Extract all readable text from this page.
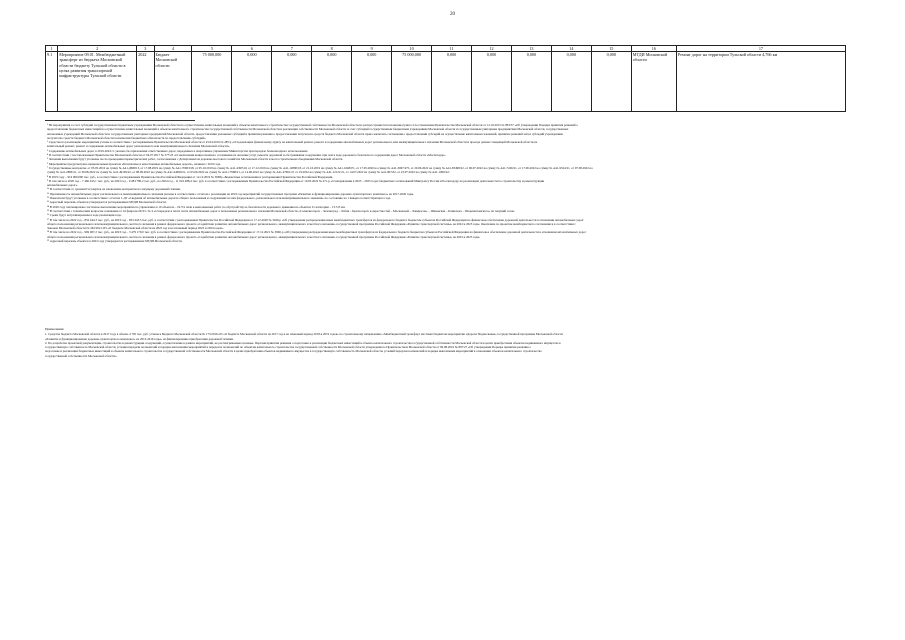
20
1	2	3	4	5	6	7	8	9	10	11	12	13	14	15	16	17
9.1	Мероприятие 09.01. Межбюджетный трансферт из бюджета Московской области бюджету Тульской области в целях развития транспортной инфраструктуры Тульской области	2022	Бюджет Московской области	75 000,000	0,000	0,000	0,000	0,000	75 000,000	0,000	0,000	0,000	0,000	0,000	МТДИ Московской области	Ремонт дорог на территории Тульской области 4,766 км

¹ На мероприятия за счет субсидий государственным бюджетным учреждениям Московской области на осуществление капитальных вложений в объекты капитального строительства государственной собственности Московской области на распространяется положение пункта 2 постановления Правительства Московской области от 12.10.2015 № 803/37 «Об утверждении Порядка принятия решений о

предоставлении бюджетных инвестиций на осуществление капитальных вложений в объекты капитального строительства государственной собственности Московской области и реализации собственности Московской области за счет субсидий государственным бюджетным учреждениям Московской области и государственным унитарным предприятиям Московской области, государственных

автономных учреждений Московской области и государственных унитарных предприятий Московской области, предоставлении указанных субсидий и принятии решения о предоставлении получателю средств бюджета Московской области права заключать соглашения о предоставлении субсидий на осуществление капитальных вложений, принятие решений чисел субсидий учреждениям

получателю средств бюджета Московской области полномочии бюджетных обязательств по предоставлению субсидий».

² Средства на реализацию мероприятия учтены в соответствии с распоряжением Правительства Московской области от 25.04.2019 № 285/р «О подлежащих финансовому аудиту на капитальный ремонт, ремонт и содержание автомобильных дорог регионального или межмуниципального значения Московской области и проезда дачных товарищей Московской области на

капитальный ремонт, ремонт и содержание автомобильных дорог регионального или межмуниципального значения Московской области».

³ Содержание автомобильных дорог в 2019-2024 гг. указано без приложения ответственных дорог, переданных в оперативное управление Министерства при передаче безвозмездного использования

⁴ В соответствии с постановлением Правительства Московской области от 04.07.2017 № 577/23 «О заключении концессионного соглашения на оказание услуг ремонта дорожной и обслуживания сооружения, при чем в ходе дорожного безопасного содержания дорог Московской области «Мосавтодор»

⁵ Значения выполнения будут уточнены после проведения параметрических работ, согласованных с Департаментом дорожно-мостового хозяйства Московской области и мостостроительная объединения Московской области.

⁶ Мероприятие предусмотрено национальным проектом «Безопасные и качественные автомобильные дороги», начиная с 2019 года.

⁷ Государственные контракты: от 05.05.2016 на сумму № А41-ДБ0013, от 17.08.2019 на сумму № А41-7096/018, от 05.10.2019 на сумму № А41-4/60519, от 17.12.2019 на сумму № А41-12890/18, от 21.10.2019 на сумму № А41-1648471, от 17.05.2020 на сумму № А41-3067/475, от 20.06.2022 на сумму № А41-83498/22, от 06.07.2022 на сумму № А41-7246/21, от 17.06.2022 на сумму № А41-9524/21, от 07.08.2022 на

сумму № А41-2869/21, от 30.08.2022 на сумму № А41-49109/22, от 08.09.2022 на сумму № А41-44990/21, от 05.09.2022 на сумму № А41-17968/21, от 14.06.2022 на сумму № А41-47901/21 от 19.2022 на сумму № А41-12121/21, от 14.07.2022 на сумму № А41-90/532, от 23.07.2022 на сумму № А41-1009/22/

⁸ В 2019 году – 916 000,000 тыс. руб., в соответствии с распоряжением Правительства Российской Федерации от 12.12.2019 № 3068р «Бюджетные ассигнования и распоряжения Правительства Российской Федерации.

⁹ В том числе в 2020 год – 7 466 245,1 тыс. руб., на 2023 год – 9 284 780,2 тыс. руб., на 2024 год – 11 016 488,4 тыс. руб. в соответствии с распоряжением Правительства Российской Федерации от 10.03.2022 № 471-р «О направлении в 2023 – 2025 годах бюджетных ассигнований Минтрансу России и Росавтодору на реализацию деятельности по строительству и реконструкции

автомобильных дорог».

¹⁰ В соответствии со сроками Госзакупок на заключение контрактов на текущему дорожный главами.

¹¹ Протяженность автомобильных дорог регионального и межмуниципального значения указана в соответствии с отчетом о реализации на 2019 год мероприятий государственных программ «Развитие и функционирование дорожно-транспортного комплекса» на 2017-2026 годы.

¹² Показатели будут уточнены в соответствии с отчетом 1-ДГ «Сведения об автомобильных дорогах общего пользования и сооружениях на них федерального, регионального или межмуниципального значения» по состоянию на 1 января соответствующего года.

¹³ Адресный перечень объектов утверждается распоряжением МТДИ Московской области.

¹⁴ В 2020 году запланировано частичное выполнение мероприятия по управлению в 10 объектах – 19.5% план в выполненных работ по обустройству ее безопасности дорожного движения на объектах 21 категории – 13.725 км.

¹⁵ В соответствии с техническим вопросам совещания от 16 февраля 2010 г. № 4 «О передаче в плате части автомобильных дорог в пользование регионального значения Московской области «Солнечногорск – Зеленоград – Лобня – Красногорск и окрестностей – Московской – Лавирасов» – Шаховская – Клинского – Шереметьевского» на текущий сезон.

¹⁶ Сроки будут актуализированы в ходе реализации года.

¹⁷ В том числе на 2022 год – 832 444,3 тыс. руб., на 2023 год – 833 443,5 тыс. руб. в соответствии с распоряжением Правительства Российской Федерации от 17.12.2020 № 3440-р «Об утверждении распределения иных межбюджетных трансфертов из федерального бюджета бюджетам субъектов Российской Федерации на финансовое обеспечение дорожной деятельности в отношении автомобильных дорог

общего пользования регионального или межмуниципального, местного значения в рамках федерального проекта «Содействие развитию автомобильных дорог регионального, межмуниципального и местного значения» государственной программы Российской Федерации «Развитие транспортной системы» на 2022 и 2023 годы. Окончание по проектам межбюджетного соглашения и в соответствии с

Законом Московской области № 262/2021-ОЗ «О бюджете Московской области на 2022 год и на плановый период 2023 и 2024 годов».

¹⁸ В том числе на 2022 год – 969 067,2 тыс. руб., на 2023 год – 3 479 179,0 тыс. руб. в соответствии с распоряжением Правительства Российской Федерации от 17.12.2021 № 3660-р «Об утверждении распределения иных межбюджетных трансфертов из федерального бюджета бюджетам субъектов Российской Федерации на финансовое обеспечение дорожной деятельности в отношении автомобильных дорог

общего пользования регионального или межмуниципального, местного значения в рамках федерального проекта «Содействие развитию автомобильных дорог регионального, межмуниципального и местного значения» государственной программы Российской Федерации «Развитие транспортной системы» на 2022 и 2023 годы.

¹⁹ Адресный перечень объектов в 2022 году утверждается распоряжением МТДИ Московской области.

Примечания

1. Средства бюджета Московской области в 2017 году в объеме 4 705 тыс. руб. учтены в Бюджете Московской области № 175/2016-ОЗ «О бюджете Московской области на 2017 год и на плановый период 2018 и 2019 годов» по строительному направлению «Межбюджетный трансферт местным бюджетам мероприятия «Дороги Подмосковья» государственной программы Московской области

«Развитие и функционирование дорожно-транспортного комплекса» на 2013-2016 годы» на финансирование приобретения дорожной техники.

2. По разработке проектной документации, строительства и реконструкции сооружений, осуществление в рамках мероприятий, не рассматриваемых целевые. Перечня принятия решения о подготовке и реализации бюджетных инвестиций в объекты капитального строительства государственной собственности Московской области в целях приобретения объектов недвижимого имущества в

государственную собственность Московской области, условия передачи полномочий и порядка выполнения мероприятий в переделах полномочий по объектам капитального строительства государственной собственности Московской области утвержденного Правительством Московской области от 09.08.2016 № 867/27 «Об утверждении Порядка принятия решения о

подготовке и реализации бюджетных инвестиций в объекты капитального строительства государственной собственности Московской области в целях приобретения объектов недвижимого имущества в государственную собственность Московской области, условий передачи полномочий и порядка выполнения мероприятий в отношении объектов капитального строительства

государственной собственности Московской области».
